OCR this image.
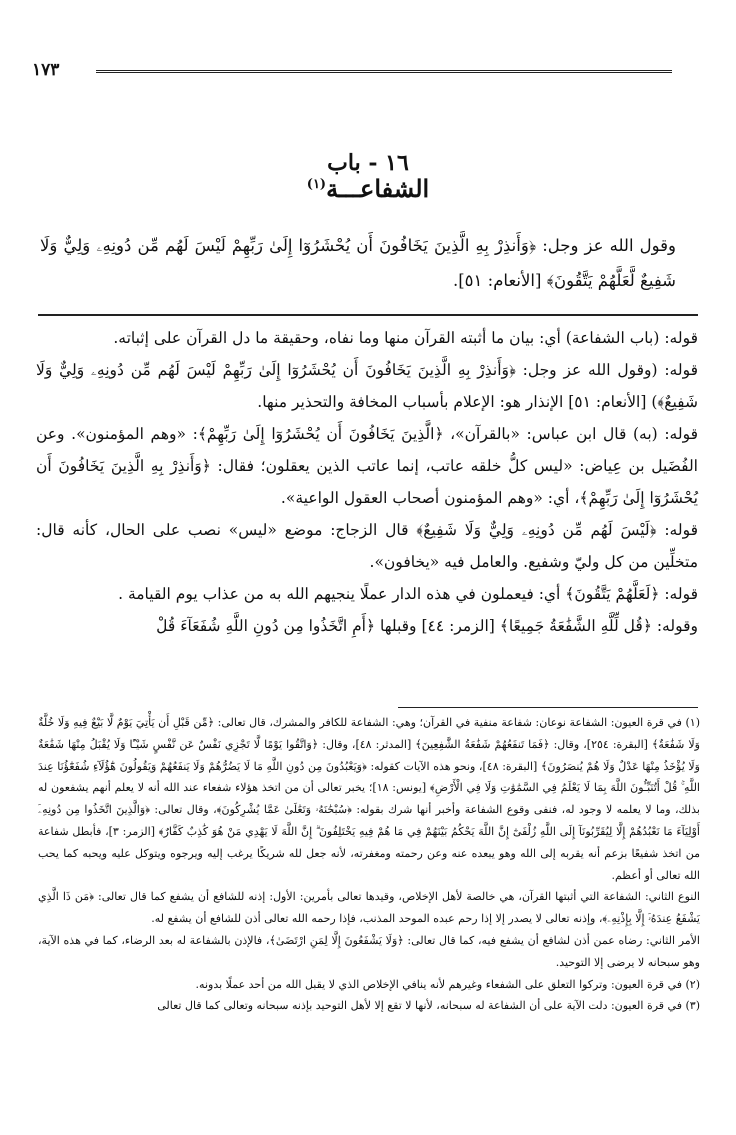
١٧٣
١٦ - باب
الشفاعـــة$^{(١)}$
وقول الله عز وجل: ﴿وَأَنذِرْ بِهِ الَّذِينَ يَخَافُونَ أَن يُحْشَرُوٓا إِلَىٰ رَبِّهِمْ لَيْسَ لَهُم مِّن دُونِهِۦ وَلِيٌّ وَلَا شَفِيعٌ لَّعَلَّهُمْ يَتَّقُونَ﴾ [الأنعام: ٥١].

قوله: (باب الشفاعة) أي: بيان ما أثبته القرآن منها وما نفاه، وحقيقة ما دل القرآن على إثباته.

قوله: (وقول الله عز وجل: ﴿وَأَنذِرْ بِهِ الَّذِينَ يَخَافُونَ أَن يُحْشَرُوٓا إِلَىٰ رَبِّهِمْ لَيْسَ لَهُم مِّن دُونِهِۦ وَلِيٌّ وَلَا شَفِيعٌ﴾) [الأنعام: ٥١] الإنذار هو: الإعلام بأسباب المخافة والتحذير منها.

قوله: (به) قال ابن عباس: «بالقرآن»، ﴿الَّذِينَ يَخَافُونَ أَن يُحْشَرُوٓا إِلَىٰ رَبِّهِمْ﴾: «وهم المؤمنون». وعن الفُضَيل بن عِياض: «ليس كلُّ خلقه عاتب، إنما عاتب الذين يعقلون؛ فقال: ﴿وَأَنذِرْ بِهِ الَّذِينَ يَخَافُونَ أَن يُحْشَرُوٓا إِلَىٰ رَبِّهِمْ﴾، أي: «وهم المؤمنون أصحاب العقول الواعية».

قوله: ﴿لَيْسَ لَهُم مِّن دُونِهِۦ وَلِيٌّ وَلَا شَفِيعٌ﴾ قال الزجاج: موضع «ليس» نصب على الحال، كأنه قال: متخلِّين من كل وليّ وشفيع. والعامل فيه «يخافون».

قوله: ﴿لَعَلَّهُمْ يَتَّقُونَ﴾ أي: فيعملون في هذه الدار عملًا ينجيهم الله به من عذاب يوم القيامة .

وقوله: ﴿قُل لِّلَّهِ الشَّفَٰعَةُ جَمِيعًا﴾ [الزمر: ٤٤] وقبلها ﴿أَمِ اتَّخَذُوا مِن دُونِ اللَّهِ شُفَعَآءَ قُلْ

(١) في قرة العيون: الشفاعة نوعان: شفاعة منفية في القرآن؛ وهي: الشفاعة للكافر والمشرك، قال تعالى: ﴿مِّن قَبْلِ أَن يَأْتِيَ يَوْمٌ لَّا بَيْعٌ فِيهِ وَلَا خُلَّةٌ وَلَا شَفَٰعَةٌ﴾ [البقرة: ٢٥٤]، وقال: ﴿فَمَا تَنفَعُهُمْ شَفَٰعَةُ الشَّٰفِعِينَ﴾ [المدثر: ٤٨]، وقال: ﴿وَاتَّقُوا يَوْمًا لَّا تَجْزِي نَفْسٌ عَن نَّفْسٍ شَيْـًٔا وَلَا يُقْبَلُ مِنْهَا شَفَٰعَةٌ وَلَا يُؤْخَذُ مِنْهَا عَدْلٌ وَلَا هُمْ يُنصَرُونَ﴾ [البقرة: ٤٨]، ونحو هذه الآيات كقوله: ﴿وَيَعْبُدُونَ مِن دُونِ اللَّهِ مَا لَا يَضُرُّهُمْ وَلَا يَنفَعُهُمْ وَيَقُولُونَ هَٰٓؤُلَآءِ شُفَعَٰٓؤُنَا عِندَ اللَّهِ ۚ قُلْ أَتُنَبِّـُٔونَ اللَّهَ بِمَا لَا يَعْلَمُ فِي السَّمَٰوَٰتِ وَلَا فِي الْأَرْضِ﴾ [يونس: ١٨]؛ يخبر تعالى أن من اتخذ هؤلاء شفعاء عند الله أنه لا يعلم أنهم يشفعون له بذلك، وما لا يعلمه لا وجود له، فنفى وقوع الشفاعة وأخبر أنها شرك بقوله: ﴿سُبْحَٰنَهُۥ وَتَعَٰلَىٰ عَمَّا يُشْرِكُونَ﴾، وقال تعالى: ﴿وَالَّذِينَ اتَّخَذُوا مِن دُونِهِۦٓ أَوْلِيَآءَ مَا نَعْبُدُهُمْ إِلَّا لِيُقَرِّبُونَآ إِلَى اللَّهِ زُلْفَىٰٓ إِنَّ اللَّهَ يَحْكُمُ بَيْنَهُمْ فِي مَا هُمْ فِيهِ يَخْتَلِفُونَ ۗ إِنَّ اللَّهَ لَا يَهْدِي مَنْ هُوَ كَٰذِبٌ كَفَّارٌ﴾ [الزمر: ٣]، فأبطل شفاعة من اتخذ شفيعًا بزعم أنه يقربه إلى الله وهو يبعده عنه وعن رحمته ومغفرته، لأنه جعل لله شريكًا يرغب إليه ويرجوه ويتوكل عليه ويحبه كما يحب الله تعالى أو أعظم.

النوع الثاني: الشفاعة التي أثبتها القرآن، هي خالصة لأهل الإخلاص، وقيدها تعالى بأمرين: الأول: إذنه للشافع أن يشفع كما قال تعالى: ﴿مَن ذَا الَّذِي يَشْفَعُ عِندَهُۥٓ إِلَّا بِإِذْنِهِۦ﴾، وإذنه تعالى لا يصدر إلا إذا رحم عبده الموحد المذنب، فإذا رحمه الله تعالى أذن للشافع أن يشفع له.

الأمر الثاني: رضاه عمن أذن لشافع أن يشفع فيه، كما قال تعالى: ﴿وَلَا يَشْفَعُونَ إِلَّا لِمَنِ ارْتَضَىٰ﴾، فالإذن بالشفاعة له بعد الرضاء، كما في هذه الآية، وهو سبحانه لا يرضى إلا التوحيد.

(٢) في قرة العيون: وتركوا التعلق على الشفعاء وغيرهم لأنه ينافي الإخلاص الذي لا يقبل الله من أحد عملًا بدونه.

(٣) في قرة العيون: دلت الآية على أن الشفاعة له سبحانه، لأنها لا تقع إلا لأهل التوحيد بإذنه سبحانه وتعالى كما قال تعالى
